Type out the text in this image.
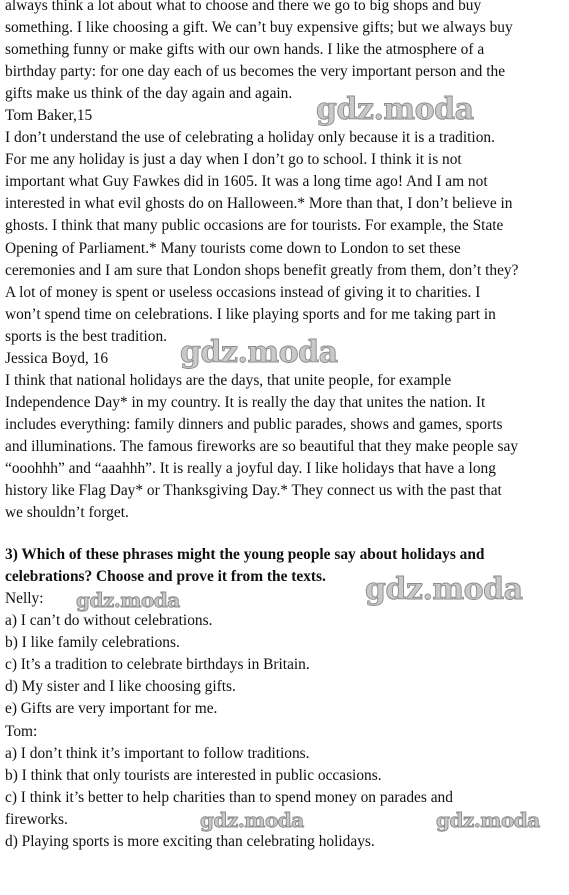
always think a lot about what to choose and there we go to big shops and buy
something. I like choosing a gift. We can’t buy expensive gifts; but we always buy
something funny or make gifts with our own hands. I like the atmosphere of a
birthday party: for one day each of us becomes the very important person and the
gifts make us think of the day again and again.
Tom Baker,15
I don’t understand the use of celebrating a holiday only because it is a tradition.
For me any holiday is just a day when I don’t go to school. I think it is not
important what Guy Fawkes did in 1605. It was a long time ago! And I am not
interested in what evil ghosts do on Halloween.* More than that, I don’t believe in
ghosts. I think that many public occasions are for tourists. For example, the State
Opening of Parliament.* Many tourists come down to London to set these
ceremonies and I am sure that London shops benefit greatly from them, don’t they?
A lot of money is spent or useless occasions instead of giving it to charities. I
won’t spend time on celebrations. I like playing sports and for me taking part in
sports is the best tradition.
Jessica Boyd, 16
I think that national holidays are the days, that unite people, for example
Independence Day* in my country. It is really the day that unites the nation. It
includes everything: family dinners and public parades, shows and games, sports
and illuminations. The famous fireworks are so beautiful that they make people say
“ooohhh” and “aaahhh”. It is really a joyful day. I like holidays that have a long
history like Flag Day* or Thanksgiving Day.* They connect us with the past that
we shouldn’t forget.
3) Which of these phrases might the young people say about holidays and
celebrations? Choose and prove it from the texts.
Nelly:
a) I can’t do without celebrations.
b) I like family celebrations.
c) It’s a tradition to celebrate birthdays in Britain.
d) My sister and I like choosing gifts.
e) Gifts are very important for me.
Tom:
a) I don’t think it’s important to follow traditions.
b) I think that only tourists are interested in public occasions.
c) I think it’s better to help charities than to spend money on parades and
fireworks.
d) Playing sports is more exciting than celebrating holidays.
gdz.moda
gdz.moda
gdz.moda
gdz.moda
gdz.moda	gdz.moda
